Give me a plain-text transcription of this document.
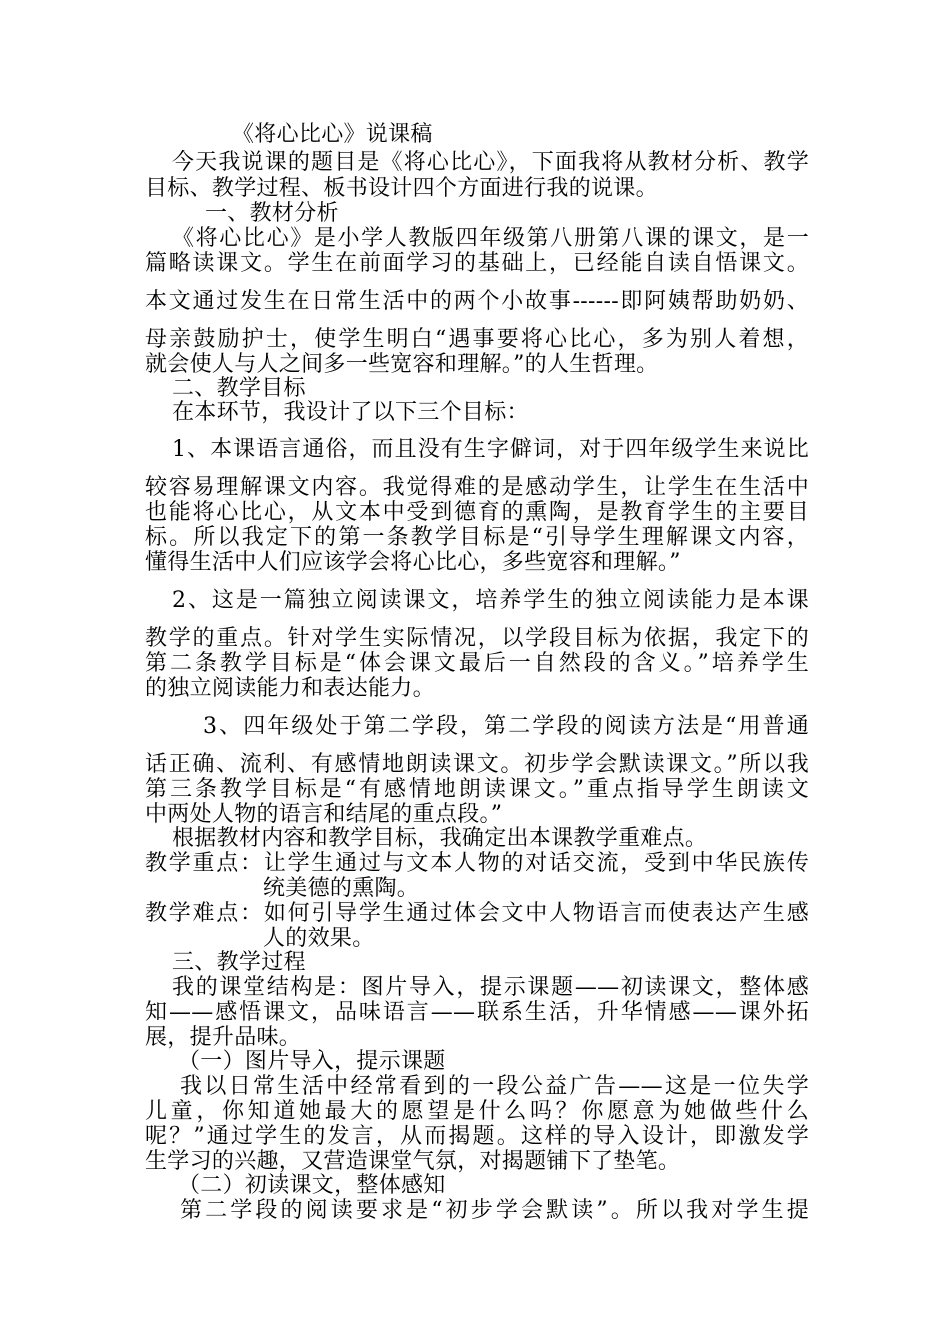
《将心比心》说课稿
今天我说课的题目是《将心比心》，下面我将从教材分析、教学
目标、教学过程、板书设计四个方面进行我的说课。
一、教材分析
《将心比心》是小学人教版四年级第八册第八课的课文，是一
篇略读课文。学生在前面学习的基础上，已经能自读自悟课文。
本文通过发生在日常生活中的两个小故事------即阿姨帮助奶奶、
母亲鼓励护士，使学生明白“遇事要将心比心，多为别人着想，
就会使人与人之间多一些宽容和理解。”的人生哲理。
二、教学目标
在本环节，我设计了以下三个目标：
1、本课语言通俗，而且没有生字僻词，对于四年级学生来说比
较容易理解课文内容。我觉得难的是感动学生，让学生在生活中
也能将心比心，从文本中受到德育的熏陶，是教育学生的主要目
标。所以我定下的第一条教学目标是“引导学生理解课文内容，
懂得生活中人们应该学会将心比心，多些宽容和理解。”
2、这是一篇独立阅读课文，培养学生的独立阅读能力是本课
教学的重点。针对学生实际情况，以学段目标为依据，我定下的
第二条教学目标是“体会课文最后一自然段的含义。”培养学生
的独立阅读能力和表达能力。
3、四年级处于第二学段，第二学段的阅读方法是“用普通
话正确、流利、有感情地朗读课文。初步学会默读课文。”所以我
第三条教学目标是“有感情地朗读课文。”重点指导学生朗读文
中两处人物的语言和结尾的重点段。”
根据教材内容和教学目标，我确定出本课教学重难点。
教学重点：让学生通过与文本人物的对话交流，受到中华民族传
统美德的熏陶。
教学难点：如何引导学生通过体会文中人物语言而使表达产生感
人的效果。
三、教学过程
我的课堂结构是：图片导入，提示课题——初读课文，整体感
知——感悟课文，品味语言——联系生活，升华情感——课外拓
展，提升品味。
（一）图片导入，提示课题
我以日常生活中经常看到的一段公益广告——这是一位失学
儿童，你知道她最大的愿望是什么吗？你愿意为她做些什么
呢？”通过学生的发言，从而揭题。这样的导入设计，即激发学
生学习的兴趣，又营造课堂气氛，对揭题铺下了垫笔。
（二）初读课文，整体感知
第二学段的阅读要求是“初步学会默读”。所以我对学生提
